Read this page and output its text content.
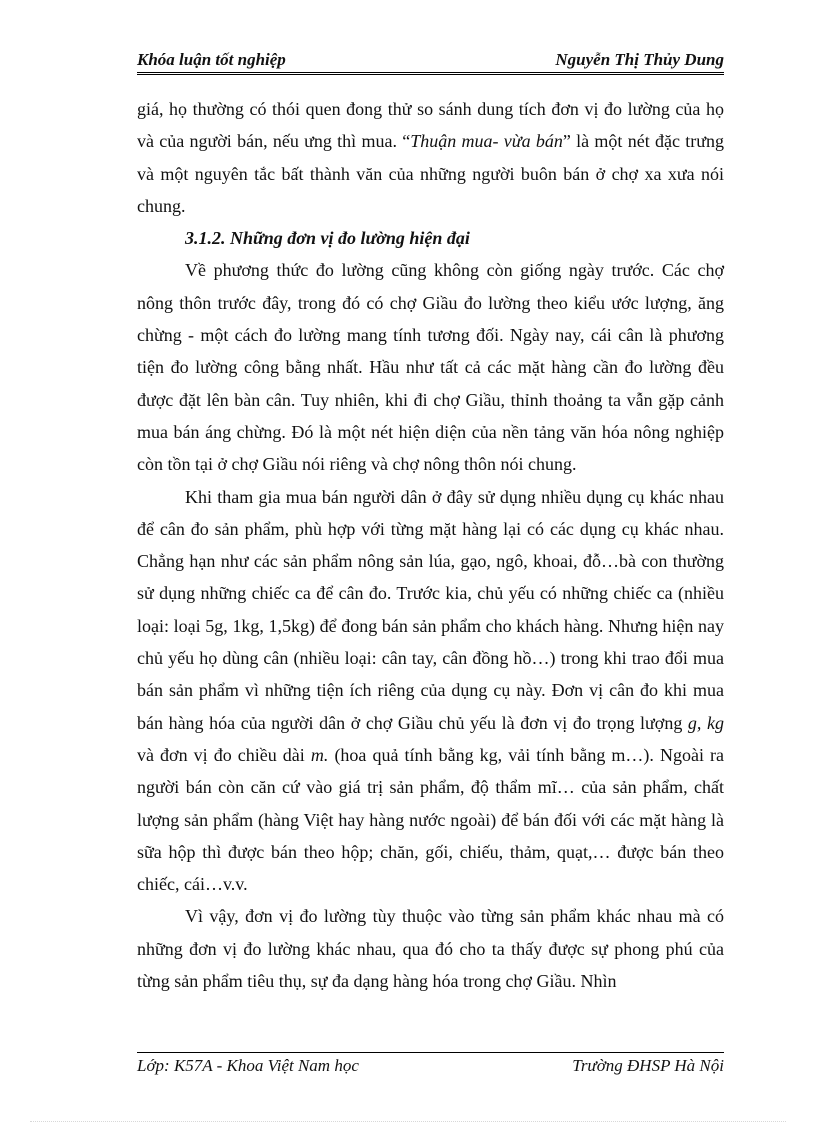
Khóa luận tốt nghiệp	Nguyễn Thị Thủy Dung

giá, họ thường có thói quen đong thử so sánh dung tích đơn vị đo lường của họ và của người bán, nếu ưng thì mua. “Thuận mua- vừa bán” là một nét đặc trưng và một nguyên tắc bất thành văn của những người buôn bán ở chợ xa xưa nói chung.

3.1.2. Những đơn vị đo lường hiện đại

Về phương thức đo lường cũng không còn giống ngày trước. Các chợ nông thôn trước đây, trong đó có chợ Giầu đo lường theo kiểu ước lượng, ăng chừng - một cách đo lường mang tính tương đối. Ngày nay, cái cân là phương tiện đo lường công bằng nhất. Hầu như tất cả các mặt hàng cần đo lường đều được đặt lên bàn cân. Tuy nhiên, khi đi chợ Giầu, thỉnh thoảng ta vẫn gặp cảnh mua bán áng chừng. Đó là một nét hiện diện của nền tảng văn hóa nông nghiệp còn tồn tại ở chợ Giầu nói riêng và chợ nông thôn nói chung.

Khi tham gia mua bán người dân ở đây sử dụng nhiều dụng cụ khác nhau để cân đo sản phẩm, phù hợp với từng mặt hàng lại có các dụng cụ khác nhau. Chẳng hạn như các sản phẩm nông sản lúa, gạo, ngô, khoai, đỗ…bà con thường sử dụng những chiếc ca để cân đo. Trước kia, chủ yếu có những chiếc ca (nhiều loại: loại 5g, 1kg, 1,5kg) để đong bán sản phẩm cho khách hàng. Nhưng hiện nay chủ yếu họ dùng cân (nhiều loại: cân tay, cân đồng hồ…) trong khi trao đổi mua bán sản phẩm vì những tiện ích riêng của dụng cụ này. Đơn vị cân đo khi mua bán hàng hóa của người dân ở chợ Giầu chủ yếu là đơn vị đo trọng lượng g, kg và đơn vị đo chiều dài m. (hoa quả tính bằng kg, vải tính bằng m…). Ngoài ra người bán còn căn cứ vào giá trị sản phẩm, độ thẩm mĩ… của sản phẩm, chất lượng sản phẩm (hàng Việt hay hàng nước ngoài) để bán đối với các mặt hàng là sữa hộp thì được bán theo hộp; chăn, gối, chiếu, thảm, quạt,… được bán theo chiếc, cái…v.v.

Vì vậy, đơn vị đo lường tùy thuộc vào từng sản phẩm khác nhau mà có những đơn vị đo lường khác nhau, qua đó cho ta thấy được sự phong phú của từng sản phẩm tiêu thụ, sự đa dạng hàng hóa trong chợ Giầu. Nhìn

Lớp: K57A - Khoa Việt Nam học	Trường ĐHSP Hà Nội
